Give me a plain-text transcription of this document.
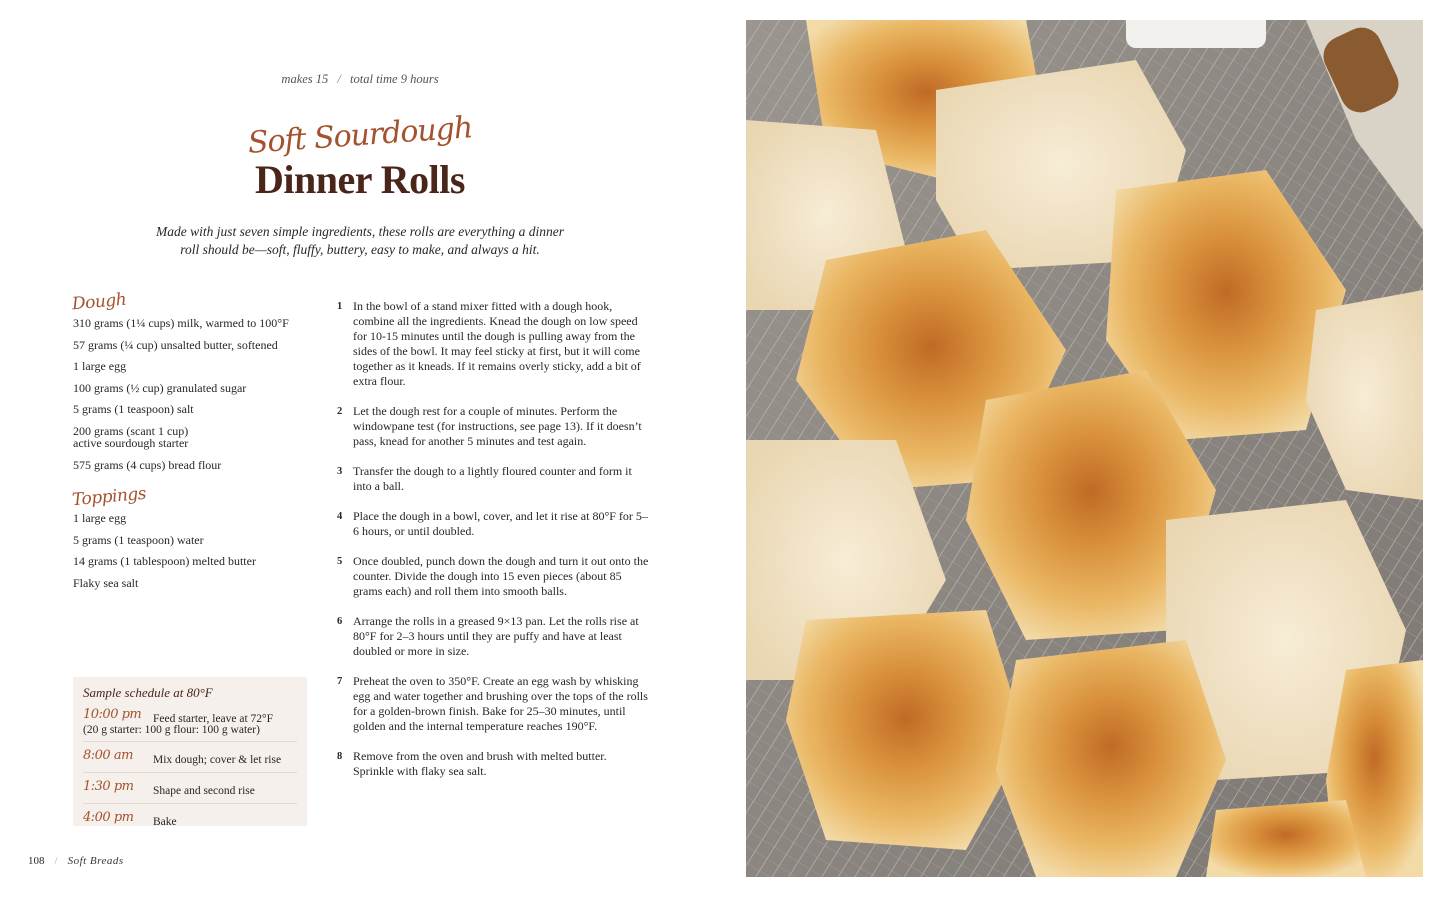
makes 15 / total time 9 hours
Soft Sourdough
Dinner Rolls
Made with just seven simple ingredients, these rolls are everything a dinner roll should be—soft, fluffy, buttery, easy to make, and always a hit.
Dough
310 grams (1¼ cups) milk, warmed to 100°F
57 grams (¼ cup) unsalted butter, softened
1 large egg
100 grams (½ cup) granulated sugar
5 grams (1 teaspoon) salt
200 grams (scant 1 cup)
active sourdough starter
575 grams (4 cups) bread flour
Toppings
1 large egg
5 grams (1 teaspoon) water
14 grams (1 tablespoon) melted butter
Flaky sea salt
1 In the bowl of a stand mixer fitted with a dough hook, combine all the ingredients. Knead the dough on low speed for 10-15 minutes until the dough is pulling away from the sides of the bowl. It may feel sticky at first, but it will come together as it kneads. If it remains overly sticky, add a bit of extra flour.
2 Let the dough rest for a couple of minutes. Perform the windowpane test (for instructions, see page 13). If it doesn’t pass, knead for another 5 minutes and test again.
3 Transfer the dough to a lightly floured counter and form it into a ball.
4 Place the dough in a bowl, cover, and let it rise at 80°F for 5–6 hours, or until doubled.
5 Once doubled, punch down the dough and turn it out onto the counter. Divide the dough into 15 even pieces (about 85 grams each) and roll them into smooth balls.
6 Arrange the rolls in a greased 9×13 pan. Let the rolls rise at 80°F for 2–3 hours until they are puffy and have at least doubled or more in size.
7 Preheat the oven to 350°F. Create an egg wash by whisking egg and water together and brushing over the tops of the rolls for a golden-brown finish. Bake for 25–30 minutes, until golden and the internal temperature reaches 190°F.
8 Remove from the oven and brush with melted butter. Sprinkle with flaky sea salt.
Sample schedule at 80°F
10:00 pm Feed starter, leave at 72°F
(20 g starter: 100 g flour: 100 g water)
8:00 am Mix dough; cover & let rise
1:30 pm Shape and second rise
4:00 pm Bake
108 / Soft Breads
